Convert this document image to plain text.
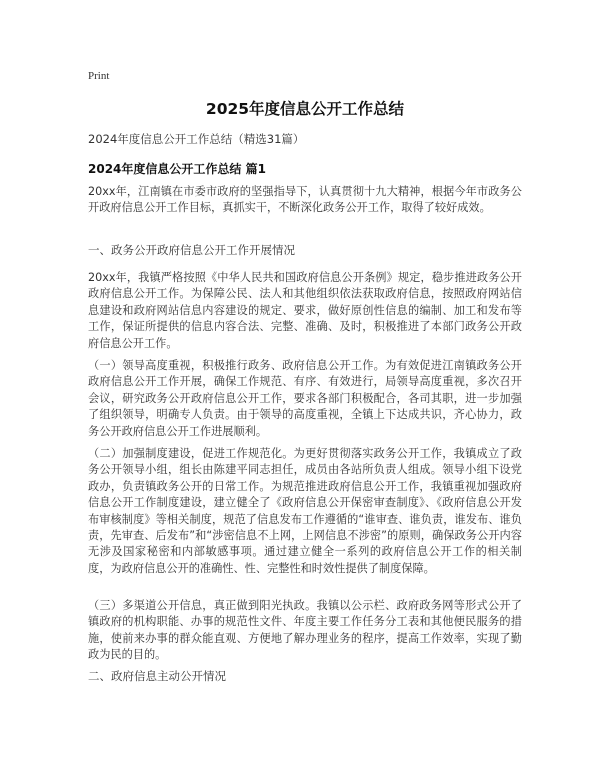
Print
2025年度信息公开工作总结
2024年度信息公开工作总结（精选31篇）
2024年度信息公开工作总结 篇1

20xx年，江南镇在市委市政府的坚强指导下，认真贯彻十九大精神，根据今年市政务公开政府信息公开工作目标，真抓实干，不断深化政务公开工作，取得了较好成效。

一、政务公开政府信息公开工作开展情况

20xx年，我镇严格按照《中华人民共和国政府信息公开条例》规定，稳步推进政务公开政府信息公开工作。为保障公民、法人和其他组织依法获取政府信息，按照政府网站信息建设和政府网站信息内容建设的规定、要求，做好原创性信息的编制、加工和发布等工作，保证所提供的信息内容合法、完整、准确、及时，积极推进了本部门政务公开政府信息公开工作。

（一）领导高度重视，积极推行政务、政府信息公开工作。为有效促进江南镇政务公开政府信息公开工作开展，确保工作规范、有序、有效进行，局领导高度重视，多次召开会议，研究政务公开政府信息公开工作，要求各部门积极配合，各司其职，进一步加强了组织领导，明确专人负责。由于领导的高度重视，全镇上下达成共识，齐心协力，政务公开政府信息公开工作进展顺利。

（二）加强制度建设，促进工作规范化。为更好贯彻落实政务公开工作，我镇成立了政务公开领导小组，组长由陈建平同志担任，成员由各站所负责人组成。领导小组下设党政办，负责镇政务公开的日常工作。为规范推进政府信息公开工作，我镇重视加强政府信息公开工作制度建设，建立健全了《政府信息公开保密审查制度》、《政府信息公开发布审核制度》等相关制度，规范了信息发布工作遵循的“谁审查、谁负责，谁发布、谁负责，先审查、后发布”和“涉密信息不上网，上网信息不涉密”的原则，确保政务公开内容无涉及国家秘密和内部敏感事项。通过建立健全一系列的政府信息公开工作的相关制度，为政府信息公开的准确性、性、完整性和时效性提供了制度保障。

（三）多渠道公开信息，真正做到阳光执政。我镇以公示栏、政府政务网等形式公开了镇政府的机构职能、办事的规范性文件、年度主要工作任务分工表和其他便民服务的措施，使前来办事的群众能直观、方便地了解办理业务的程序，提高工作效率，实现了勤政为民的目的。

二、政府信息主动公开情况
